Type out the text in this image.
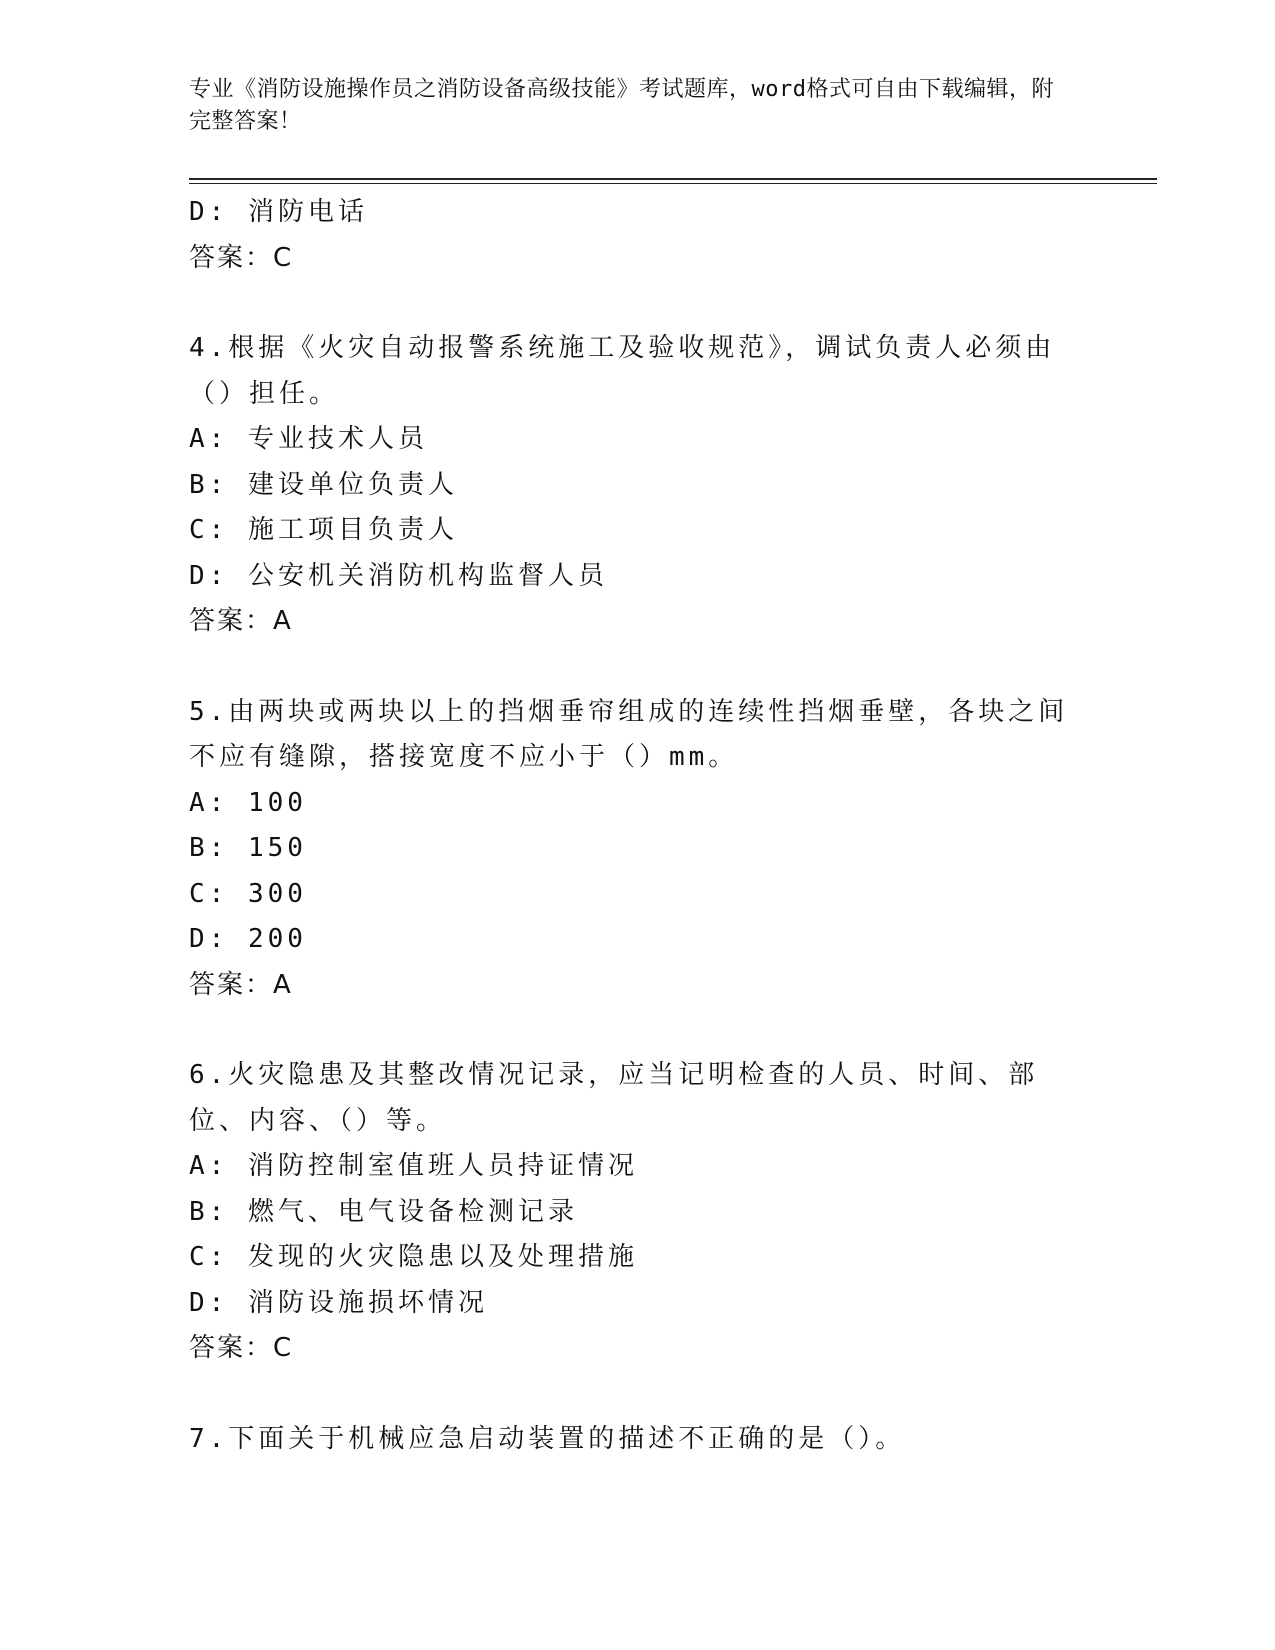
专业《消防设施操作员之消防设备高级技能》考试题库，word格式可自由下载编辑，附完整答案！
D: 消防电话
答案：C
4.根据《火灾自动报警系统施工及验收规范》，调试负责人必须由（）担任。
A: 专业技术人员
B: 建设单位负责人
C: 施工项目负责人
D: 公安机关消防机构监督人员
答案：A
5.由两块或两块以上的挡烟垂帘组成的连续性挡烟垂壁，各块之间不应有缝隙，搭接宽度不应小于（）mm。
A: 100
B: 150
C: 300
D: 200
答案：A
6.火灾隐患及其整改情况记录，应当记明检查的人员、时间、部位、内容、（）等。
A: 消防控制室值班人员持证情况
B: 燃气、电气设备检测记录
C: 发现的火灾隐患以及处理措施
D: 消防设施损坏情况
答案：C
7.下面关于机械应急启动装置的描述不正确的是（）。
